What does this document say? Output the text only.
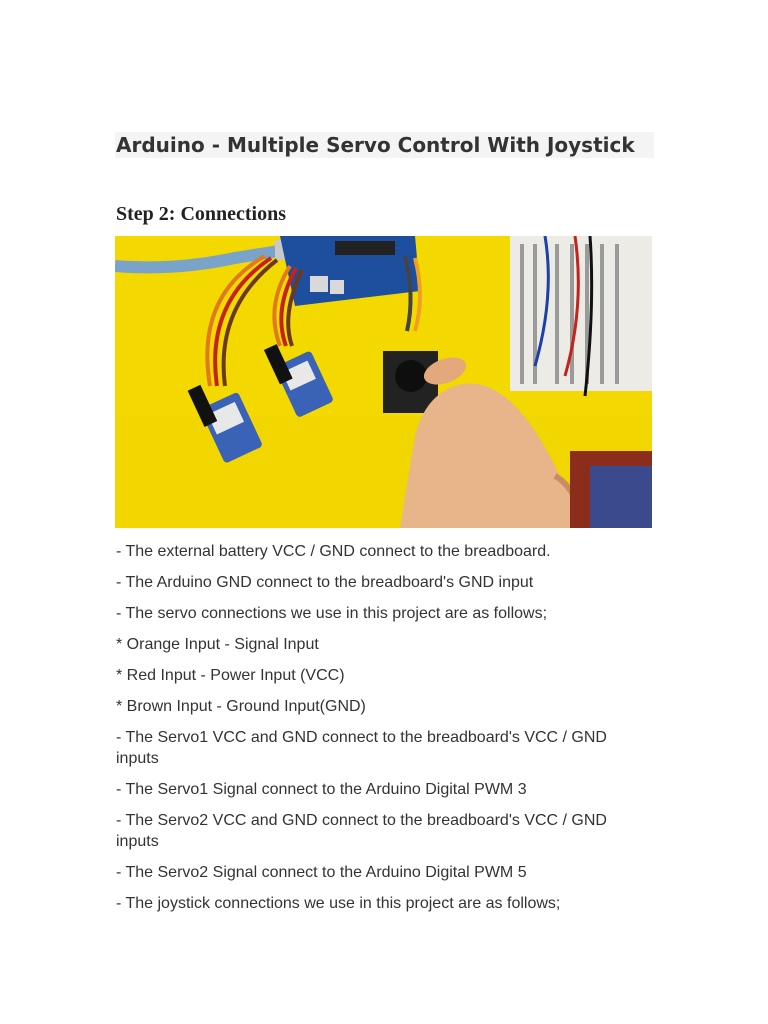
Arduino - Multiple Servo Control With Joystick
Step 2: Connections

- The external battery VCC / GND connect to the breadboard.

- The Arduino GND connect to the breadboard's GND input

- The servo connections we use in this project are as follows;

* Orange Input - Signal Input

* Red Input - Power Input (VCC)

* Brown Input - Ground Input(GND)

- The Servo1 VCC and GND connect to the breadboard's VCC / GND inputs

- The Servo1 Signal connect to the Arduino Digital PWM 3

- The Servo2 VCC and GND connect to the breadboard's VCC / GND inputs

- The Servo2 Signal connect to the Arduino Digital PWM 5

- The joystick connections we use in this project are as follows;
